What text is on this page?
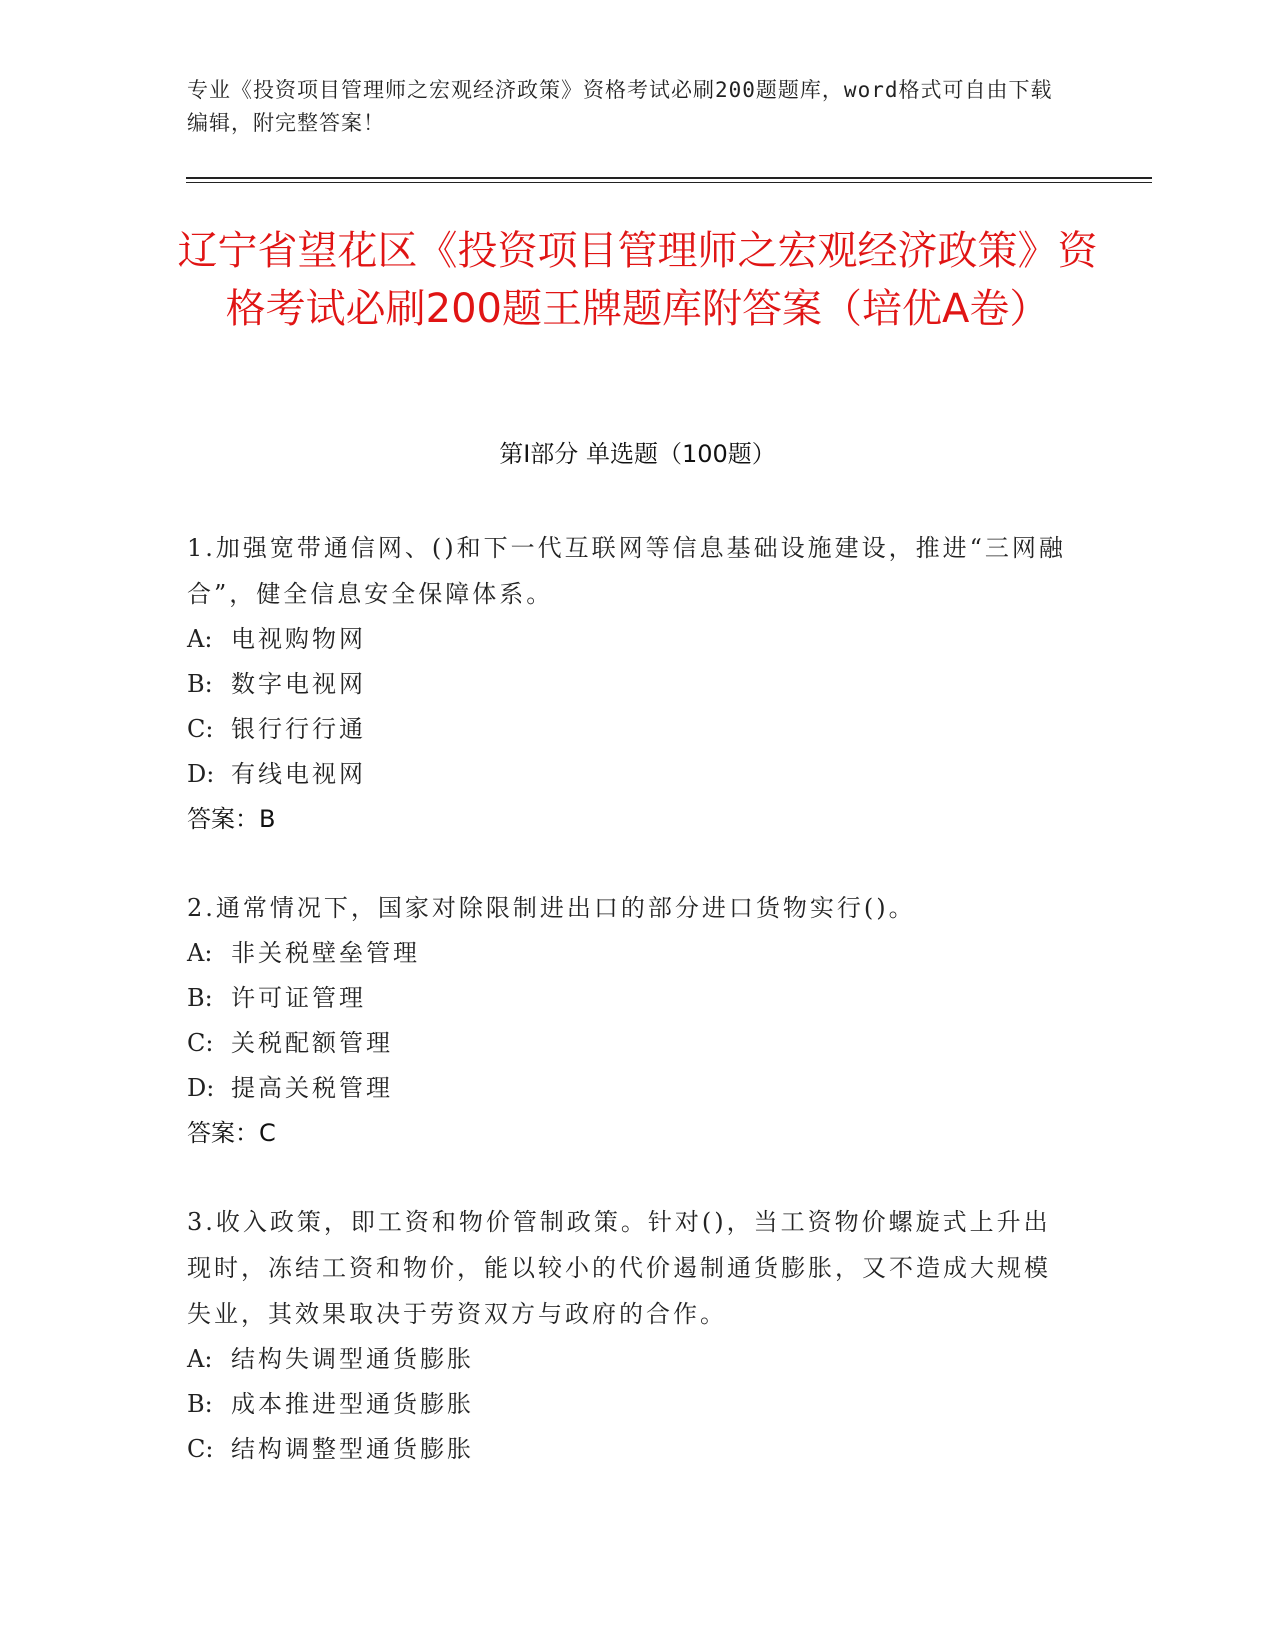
专业《投资项目管理师之宏观经济政策》资格考试必刷200题题库，word格式可自由下载编辑，附完整答案！
辽宁省望花区《投资项目管理师之宏观经济政策》资格考试必刷200题王牌题库附答案（培优A卷）
第I部分 单选题（100题）
1.加强宽带通信网、()和下一代互联网等信息基础设施建设，推进“三网融合”，健全信息安全保障体系。
A: 电视购物网
B: 数字电视网
C: 银行行行通
D: 有线电视网
答案：B
2.通常情况下，国家对除限制进出口的部分进口货物实行()。
A: 非关税壁垒管理
B: 许可证管理
C: 关税配额管理
D: 提高关税管理
答案：C
3.收入政策，即工资和物价管制政策。针对()，当工资物价螺旋式上升出现时，冻结工资和物价，能以较小的代价遏制通货膨胀，又不造成大规模失业，其效果取决于劳资双方与政府的合作。
A: 结构失调型通货膨胀
B: 成本推进型通货膨胀
C: 结构调整型通货膨胀
